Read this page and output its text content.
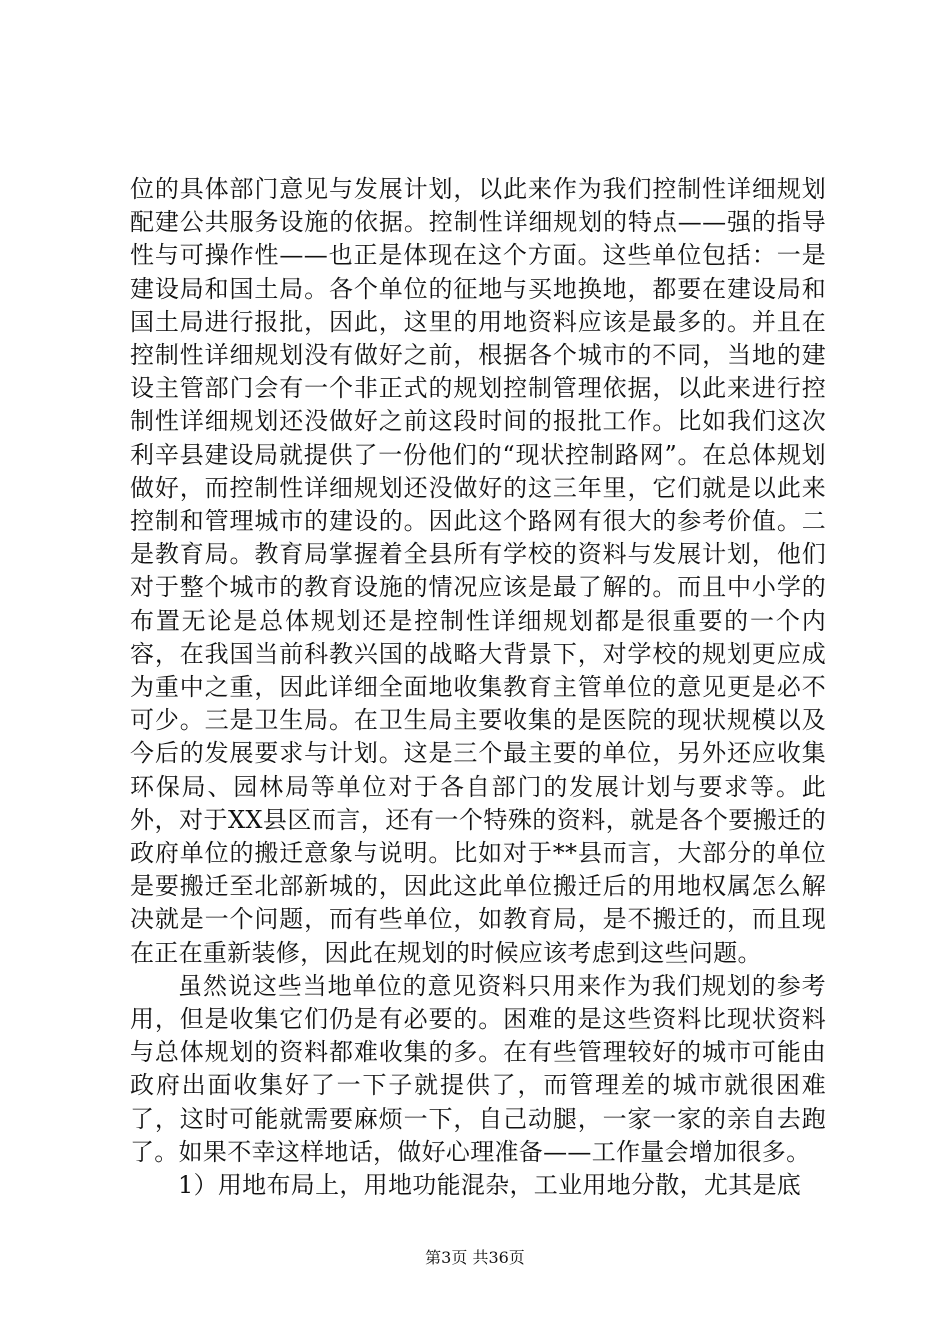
位的具体部门意见与发展计划，以此来作为我们控制性详细规划配建公共服务设施的依据。控制性详细规划的特点——强的指导性与可操作性——也正是体现在这个方面。这些单位包括：一是建设局和国土局。各个单位的征地与买地换地，都要在建设局和国土局进行报批，因此，这里的用地资料应该是最多的。并且在控制性详细规划没有做好之前，根据各个城市的不同，当地的建设主管部门会有一个非正式的规划控制管理依据，以此来进行控制性详细规划还没做好之前这段时间的报批工作。比如我们这次利辛县建设局就提供了一份他们的“现状控制路网”。在总体规划做好，而控制性详细规划还没做好的这三年里，它们就是以此来控制和管理城市的建设的。因此这个路网有很大的参考价值。二是教育局。教育局掌握着全县所有学校的资料与发展计划，他们对于整个城市的教育设施的情况应该是最了解的。而且中小学的布置无论是总体规划还是控制性详细规划都是很重要的一个内容，在我国当前科教兴国的战略大背景下，对学校的规划更应成为重中之重，因此详细全面地收集教育主管单位的意见更是必不可少。三是卫生局。在卫生局主要收集的是医院的现状规模以及今后的发展要求与计划。这是三个最主要的单位，另外还应收集环保局、园林局等单位对于各自部门的发展计划与要求等。此外，对于XX县区而言，还有一个特殊的资料，就是各个要搬迁的政府单位的搬迁意象与说明。比如对于**县而言，大部分的单位是要搬迁至北部新城的，因此这此单位搬迁后的用地权属怎么解决就是一个问题，而有些单位，如教育局，是不搬迁的，而且现在正在重新装修，因此在规划的时候应该考虑到这些问题。

虽然说这些当地单位的意见资料只用来作为我们规划的参考用，但是收集它们仍是有必要的。困难的是这些资料比现状资料与总体规划的资料都难收集的多。在有些管理较好的城市可能由政府出面收集好了一下子就提供了，而管理差的城市就很困难了，这时可能就需要麻烦一下，自己动腿，一家一家的亲自去跑了。如果不幸这样地话，做好心理准备——工作量会增加很多。

1）用地布局上，用地功能混杂，工业用地分散，尤其是底

第3页 共36页
